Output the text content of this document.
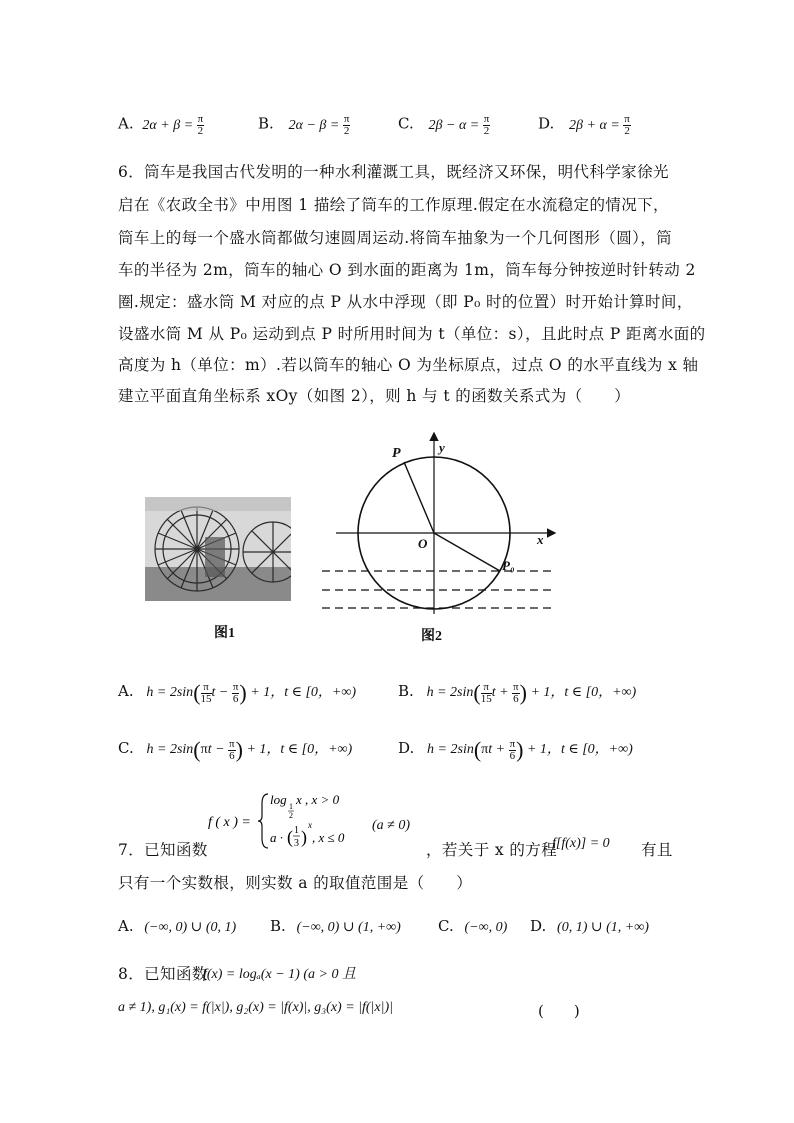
A. $2\alpha + \beta = \frac{\pi}{2}$	B. $2\alpha - \beta = \frac{\pi}{2}$	C. $2\beta - \alpha = \frac{\pi}{2}$	D. $2\beta + \alpha = \frac{\pi}{2}$
6．筒车是我国古代发明的一种水利灌溉工具，既经济又环保，明代科学家徐光
启在《农政全书》中用图 1 描绘了筒车的工作原理.假定在水流稳定的情况下，
筒车上的每一个盛水筒都做匀速圆周运动.将筒车抽象为一个几何图形（圆），筒
车的半径为 2m，筒车的轴心 O 到水面的距离为 1m，筒车每分钟按逆时针转动 2
圈.规定：盛水筒 M 对应的点 P 从水中浮现（即 P₀ 时的位置）时开始计算时间，
设盛水筒 M 从 P₀ 运动到点 P 时所用时间为 t（单位：s），且此时点 P 距离水面的
高度为 h（单位：m）.若以筒车的轴心 O 为坐标原点，过点 O 的水平直线为 x 轴
建立平面直角坐标系 xOy（如图 2），则 h 与 t 的函数关系式为（　　）
图1
P	y
O	x
P₀
图2
A. $h = 2\sin( \frac{\pi}{15}$ $t - \frac{\pi}{6}$ ) + 1，t ∈ [0，+∞)	B. $h = 2\sin( \frac{\pi}{15}$ $t + \frac{\pi}{6}$ ) + 1，t ∈ [0，+∞)
C. $h = 2\sin(\pi t - \frac{\pi}{6}$ ) + 1，t ∈ [0，+∞)	D. $h = 2\sin(\pi t + \frac{\pi}{6}$ ) + 1，t ∈ [0，+∞)
7．已知函数
f ( x ) =
log 1
2
x , x > 0
a · ( 1
3 )
x
, x ≤ 0
(a ≠ 0)
，若关于 x 的方程
f[f(x)] = 0 有且
只有一个实数根，则实数 a 的取值范围是（　　）
A. (−∞, 0) ∪ (0, 1) B. (−∞, 0) ∪ (1, +∞) C. (−∞, 0) D. (0, 1) ∪ (1, +∞)
8．已知函数
f(x) = logₐ(x − 1) (a > 0 且
a ≠ 1), g₁(x) = f(|x|), g₂(x) = |f(x)|, g₃(x) = |f(|x|)|	(　　)
